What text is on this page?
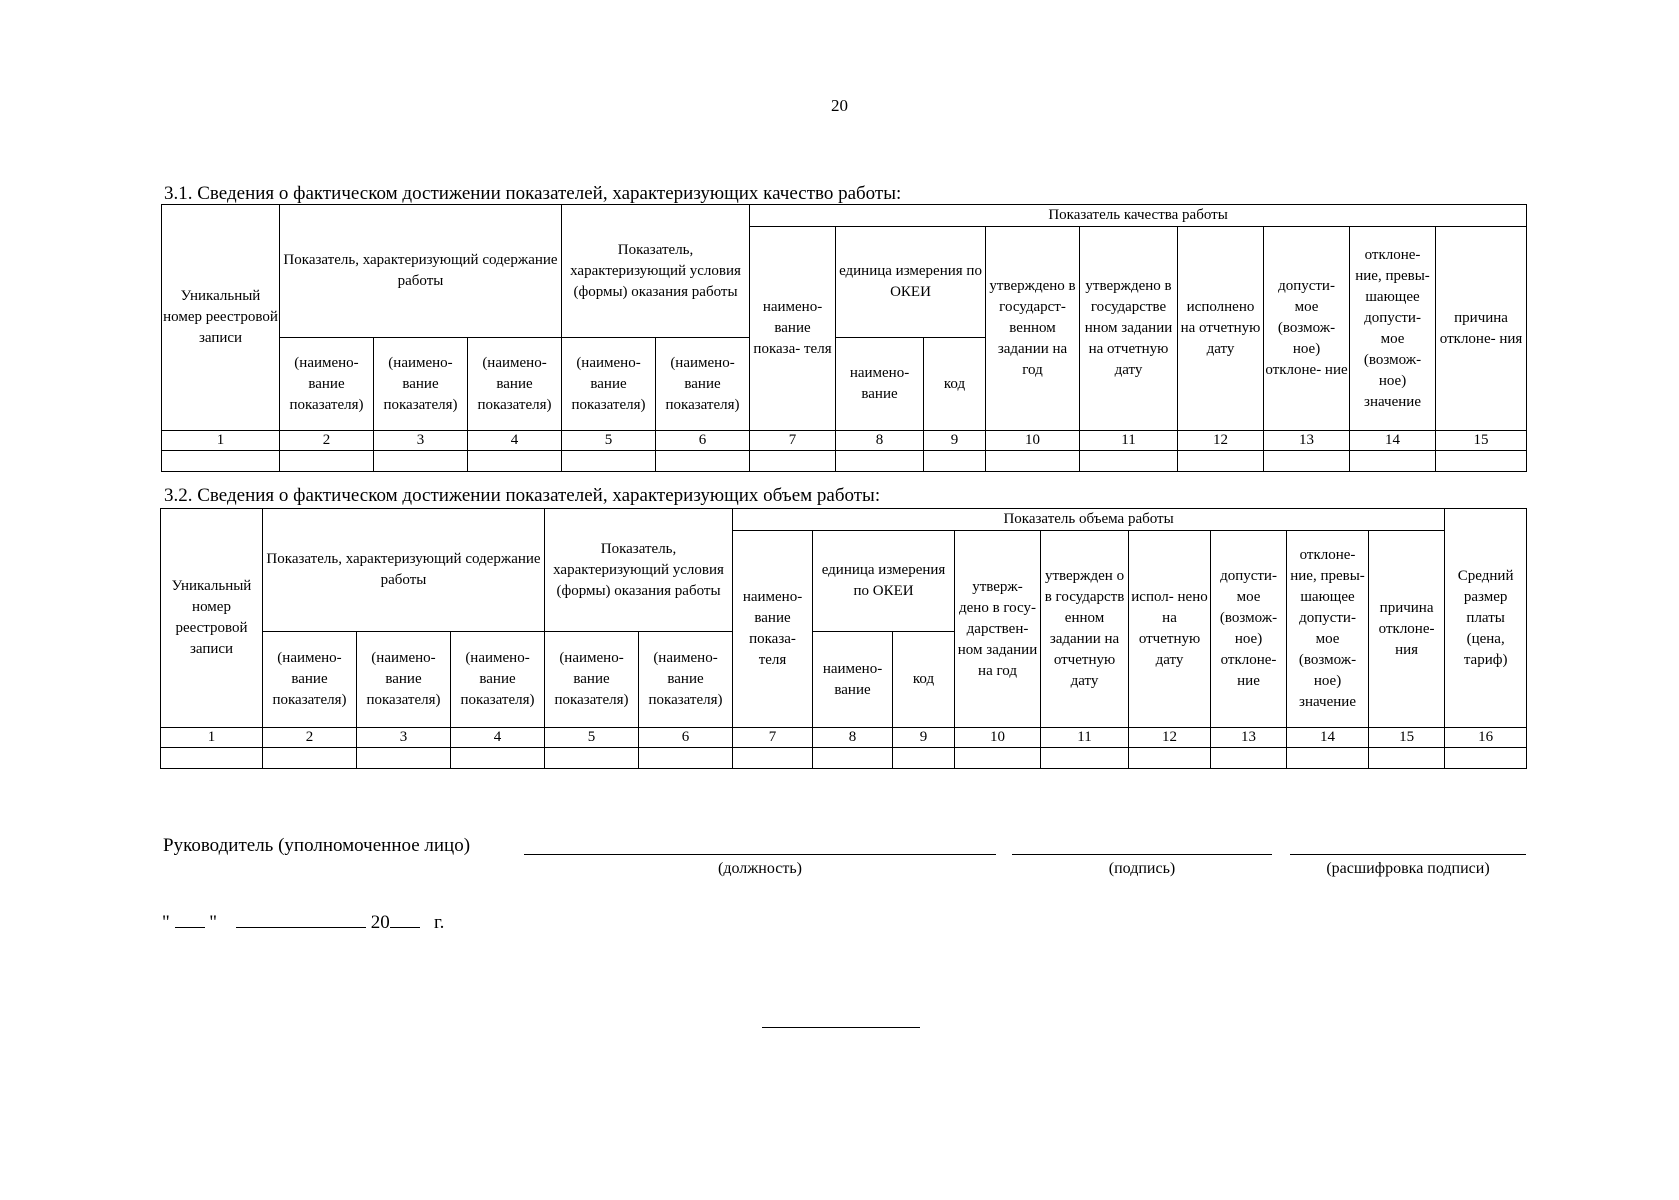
20
3.1. Сведения о фактическом достижении показателей, характеризующих качество работы:
Уникальный номер реестровой записи	Показатель, характеризующий содержание работы			Показатель, характеризующий условия (формы) оказания работы		Показатель качества работы								
						наимено- вание показа- теля	единица измерения по ОКЕИ		утверждено в государст- венном задании на год	утверждено в государстве нном задании на отчетную дату	исполнено на отчетную дату	допусти- мое (возмож- ное) отклоне- ние	отклоне- ние, превы- шающее допусти- мое (возмож- ное) значение	причина отклоне- ния
	(наимено- вание показателя)	(наимено- вание показателя)	(наимено- вание показателя)	(наимено- вание показателя)	(наимено- вание показателя)		наимено- вание	код						
1	2	3	4	5	6	7	8	9	10	11	12	13	14	15

3.2. Сведения о фактическом достижении показателей, характеризующих объем работы:
Уникальный номер реестровой записи	Показатель, характеризующий содержание работы			Показатель, характеризующий условия (формы) оказания работы		Показатель объема работы									Средний размер платы (цена, тариф)
						наимено- вание показа- теля	единица измерения по ОКЕИ		утверж- дено в госу- дарствен- ном задании на год	утвержден о в государств енном задании на отчетную дату	испол- нено на отчетную дату	допусти- мое (возмож- ное) отклоне- ние	отклоне- ние, превы- шающее допусти- мое (возмож- ное) значение	причина отклоне- ния	
	(наимено- вание показателя)	(наимено- вание показателя)	(наимено- вание показателя)	(наимено- вание показателя)	(наимено- вание показателя)		наимено- вание	код							
1	2	3	4	5	6	7	8	9	10	11	12	13	14	15	16

Руководитель (уполномоченное лицо)
(должность)	(подпись)	(расшифровка подписи)
" "	20 г.
